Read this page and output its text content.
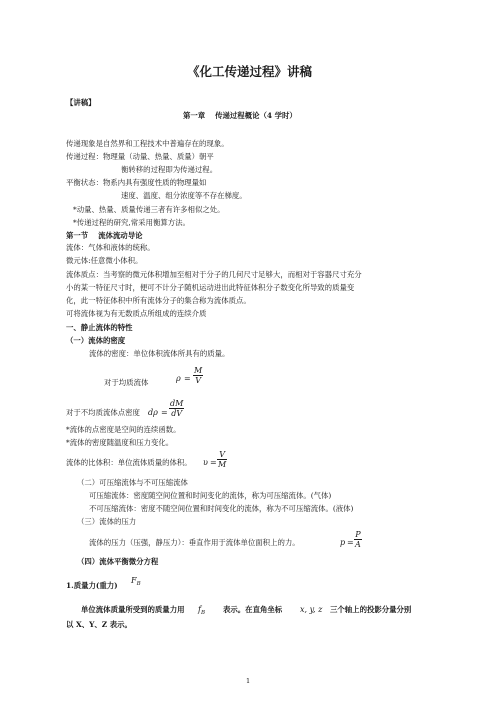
《化工传递过程》讲稿
【讲稿】
第一章　 传递过程概论（4 学时）
传递现象是自然界和工程技术中普遍存在的现象。
传递过程：物理量（动量、热量、质量）朝平
衡转移的过程即为传递过程。
平衡状态：物系内具有强度性质的物理量如
速度、温度、组分浓度等不存在梯度。
*动量、热量、质量传递三者有许多相似之处。
*传递过程的研究,常采用衡算方法。
第一节　 流体流动导论
流体：气体和液体的统称。
微元体:任意微小体积。
流体质点：当考察的微元体积增加至相对于分子的几何尺寸足够大，而相对于容器尺寸充分
小的某一特征尺寸时，便可不计分子随机运动进出此特征体积分子数变化所导致的质量变
化，此一特征体积中所有流体分子的集合称为流体质点。
可将流体视为有无数质点所组成的连续介质
一、静止流体的特性
（一）流体的密度
流体的密度：单位体积流体所具有的质量。
$\rho = \frac{M}{V}$
对于均质流体
对于不均质流体点密度 $d\rho = \frac{dM}{dV}$
*流体的点密度是空间的连续函数。
*流体的密度随温度和压力变化。
流体的比体积：单位流体质量的体积。 $\upsilon = \frac{V}{M}$
（二）可压缩流体与不可压缩流体
可压缩流体：密度随空间位置和时间变化的流体，称为可压缩流体。(气体)
不可压缩流体：密度不随空间位置和时间变化的流体，称为不可压缩流体。(液体)
（三）流体的压力
流体的压力（压强，静压力）：垂直作用于流体单位面积上的力。	$p = \frac{P}{A}$
（四）流体平衡微分方程
1.质量力(重力)
$F_B$
单位流体质量所受到的质量力用 $f_B$ 表示。在直角坐标 x, y, z 三个轴上的投影分量分别
以 X、Y、Z 表示。
1
